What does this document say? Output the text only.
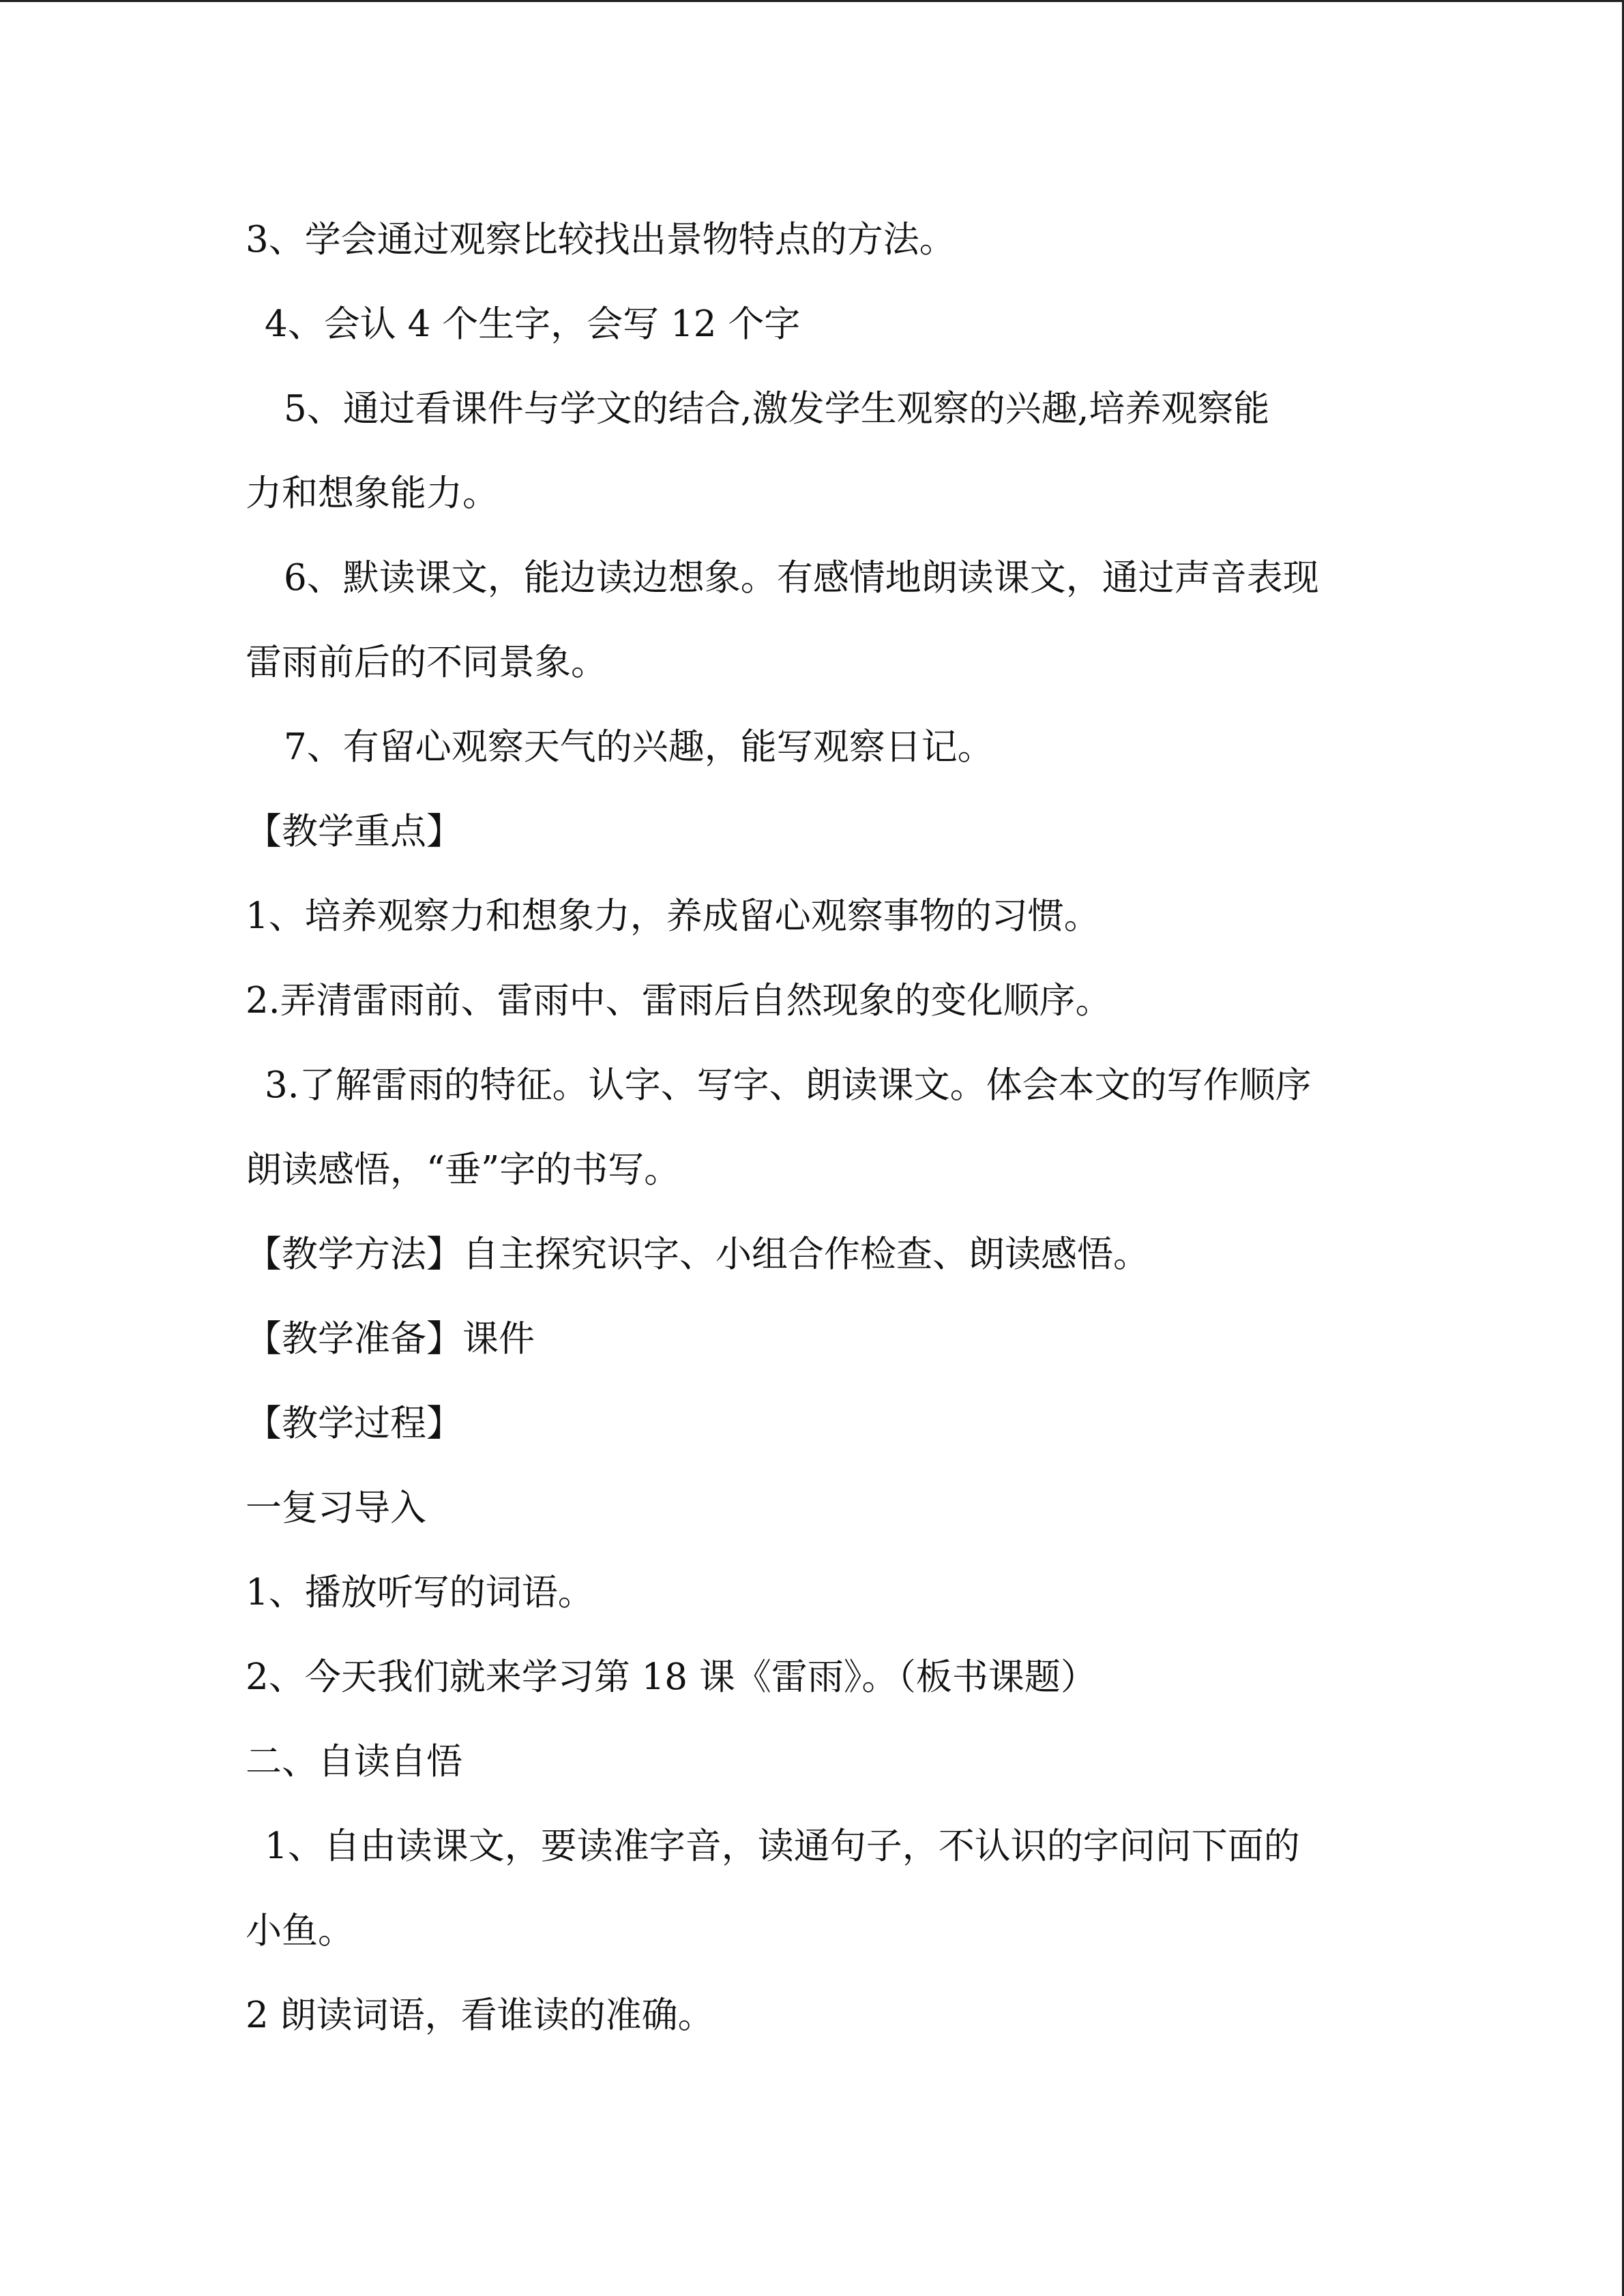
3、学会通过观察比较找出景物特点的方法。
4、会认 4 个生字，会写 12 个字
5、通过看课件与学文的结合,激发学生观察的兴趣,培养观察能
力和想象能力。
6、默读课文，能边读边想象。有感情地朗读课文，通过声音表现
雷雨前后的不同景象。
7、有留心观察天气的兴趣，能写观察日记。
【教学重点】
1、培养观察力和想象力，养成留心观察事物的习惯。
2.弄清雷雨前、雷雨中、雷雨后自然现象的变化顺序。
3.了解雷雨的特征。认字、写字、朗读课文。体会本文的写作顺序
朗读感悟，“垂”字的书写。
【教学方法】自主探究识字、小组合作检查、朗读感悟。
【教学准备】课件
【教学过程】
一复习导入
1、播放听写的词语。
2、今天我们就来学习第 18 课《雷雨》。（板书课题）
二、自读自悟
1、自由读课文，要读准字音，读通句子，不认识的字问问下面的
小鱼。
2 朗读词语，看谁读的准确。
